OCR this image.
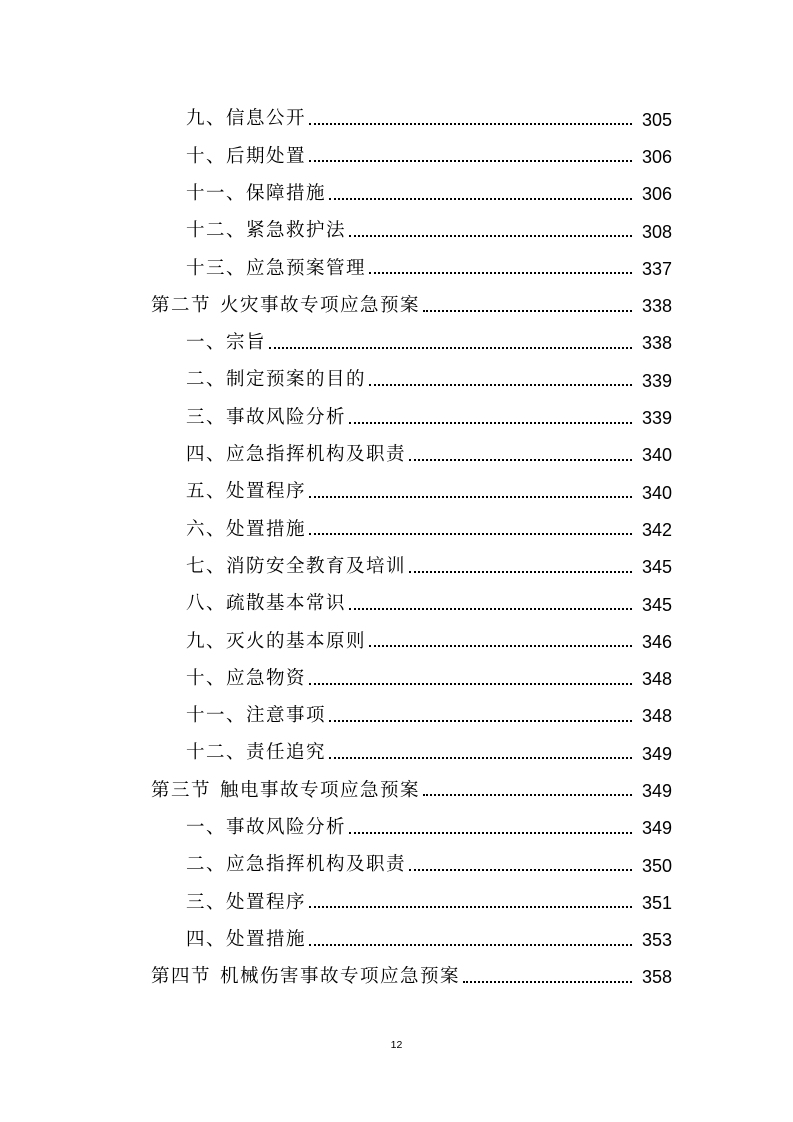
九、信息公开	305
十、后期处置	306
十一、保障措施	306
十二、紧急救护法	308
十三、应急预案管理	337
第二节 火灾事故专项应急预案	338
一、宗旨	338
二、制定预案的目的	339
三、事故风险分析	339
四、应急指挥机构及职责	340
五、处置程序	340
六、处置措施	342
七、消防安全教育及培训	345
八、疏散基本常识	345
九、灭火的基本原则	346
十、应急物资	348
十一、注意事项	348
十二、责任追究	349
第三节 触电事故专项应急预案	349
一、事故风险分析	349
二、应急指挥机构及职责	350
三、处置程序	351
四、处置措施	353
第四节 机械伤害事故专项应急预案	358
12
